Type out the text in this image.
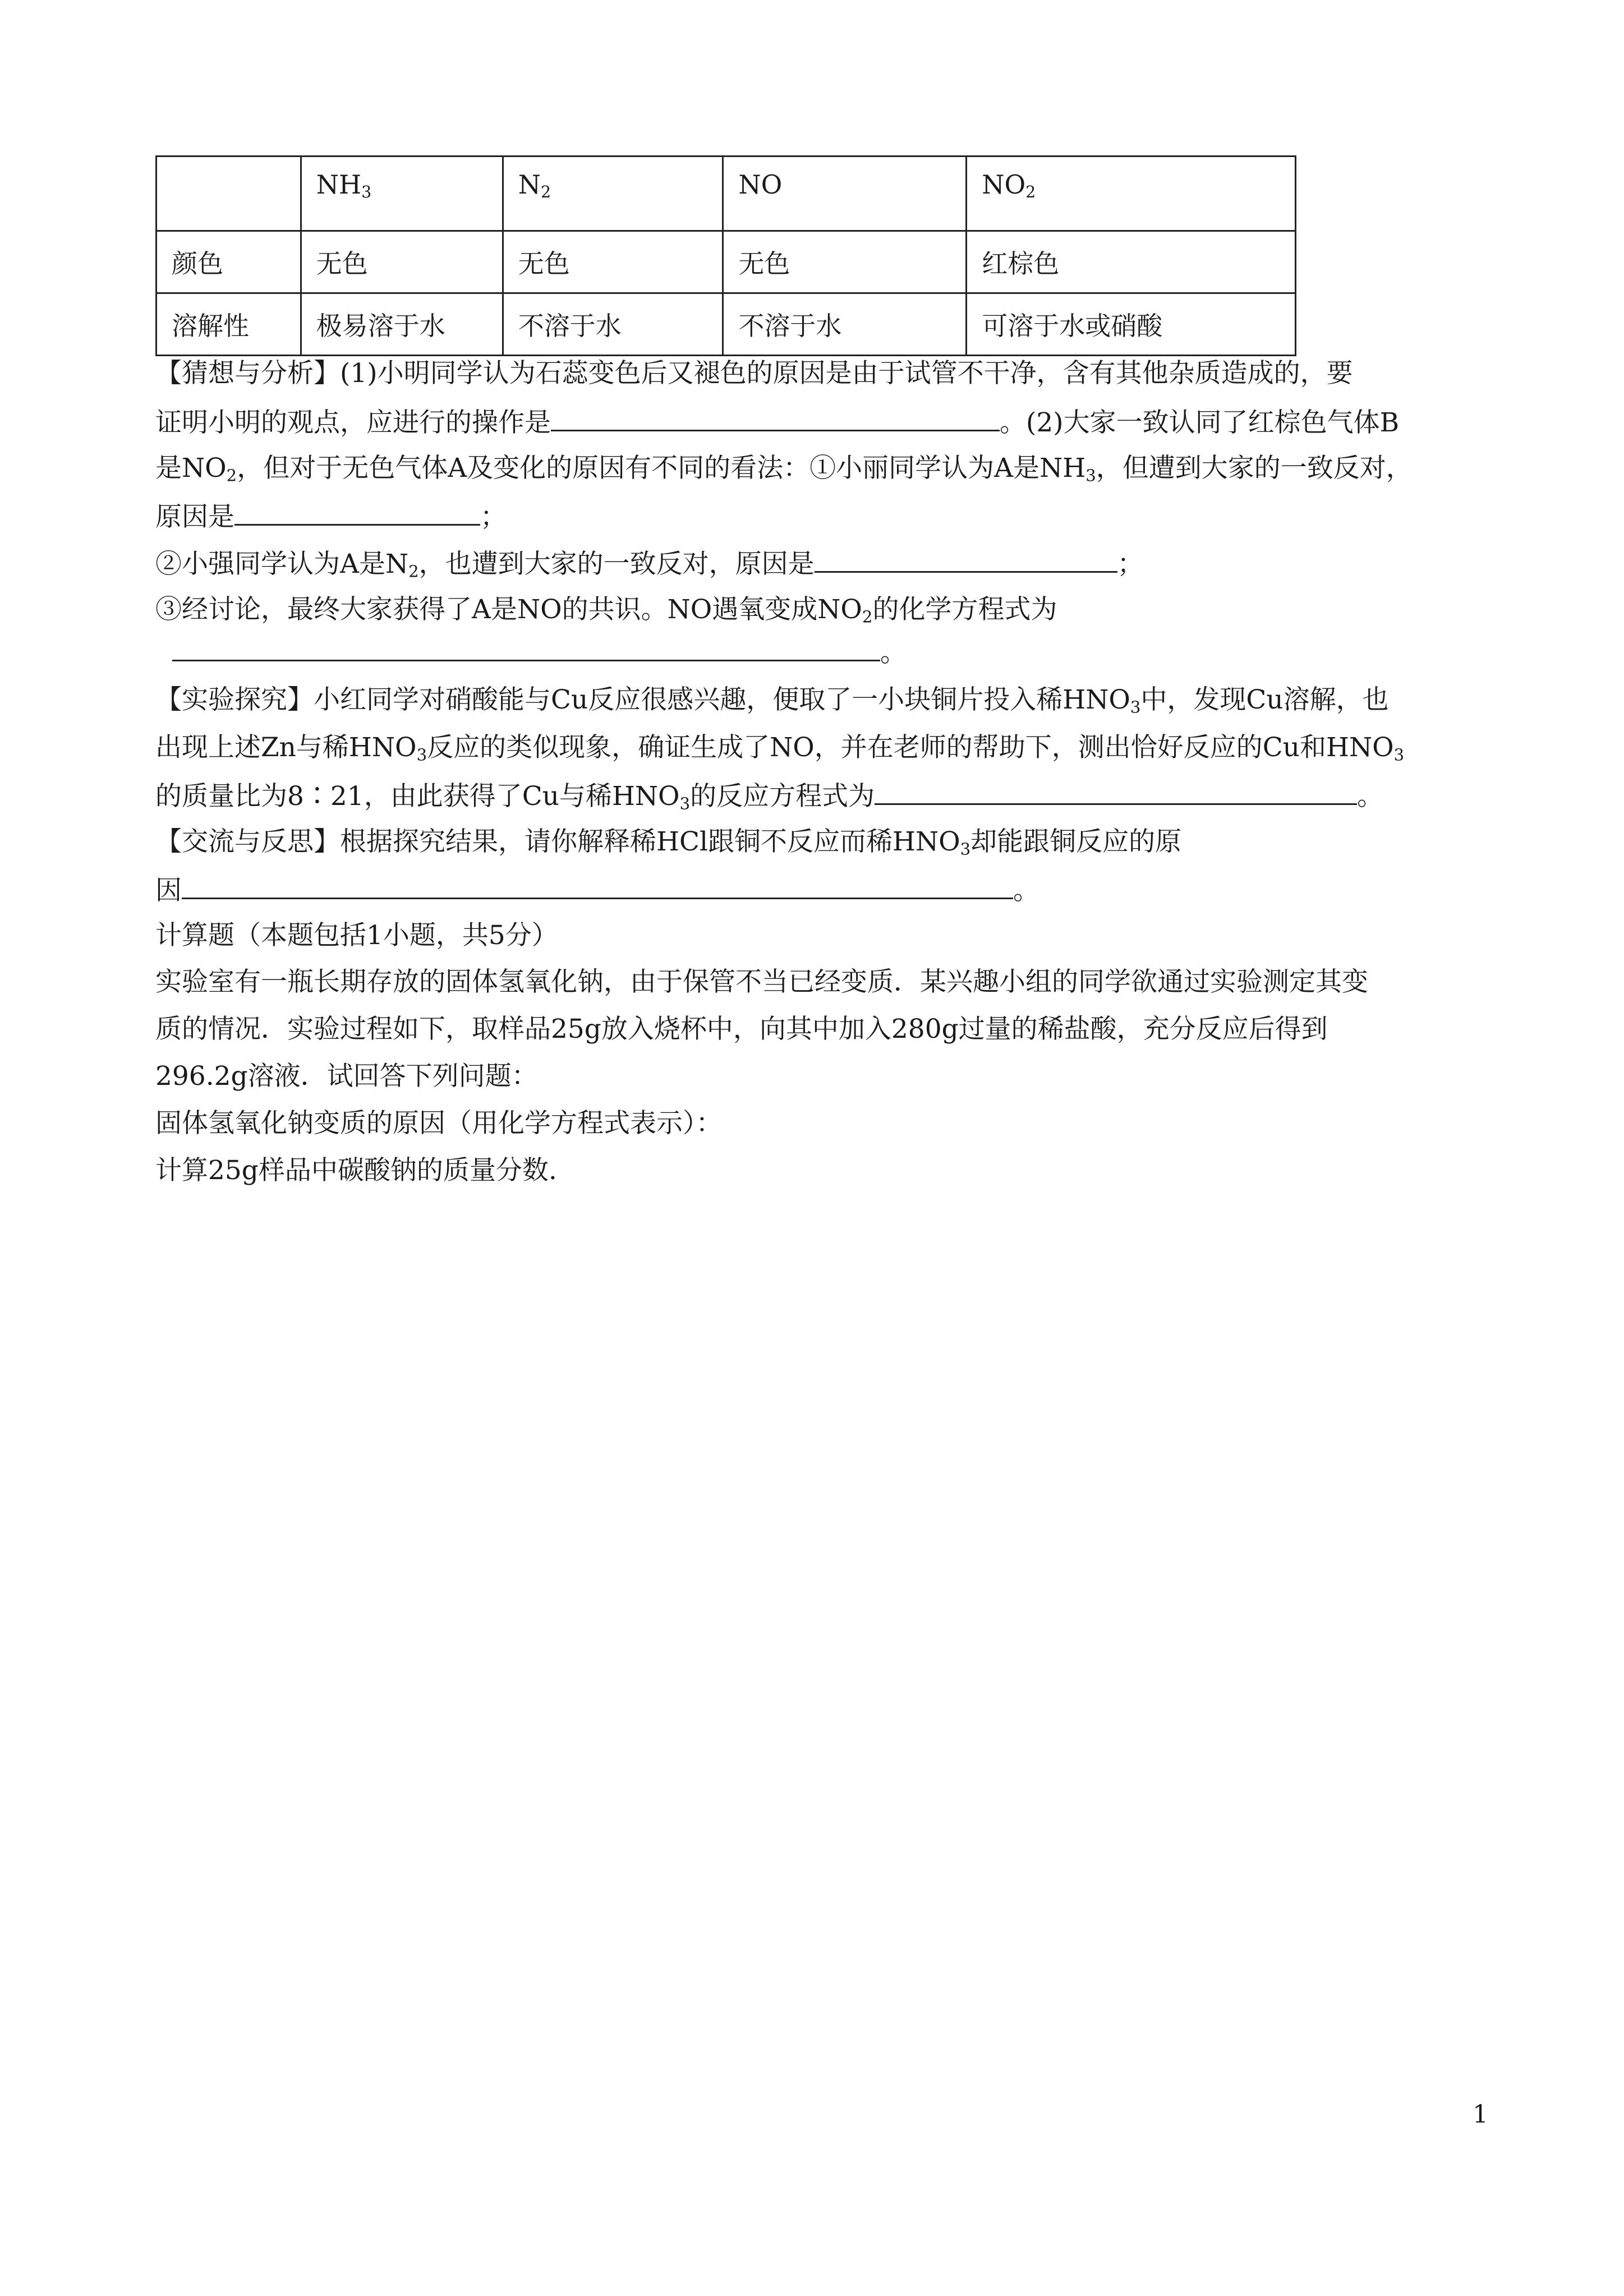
	$NH_3$	$N_2$	NO	$NO_2$
颜色	无色	无色	无色	红棕色
溶解性	极易溶于水	不溶于水	不溶于水	可溶于水或硝酸
【猜想与分析】(1)小明同学认为石蕊变色后又褪色的原因是由于试管不干净，含有其他杂质造成的，要
证明小明的观点，应进行的操作是	。(2)大家一致认同了红棕色气体B
是$NO_2$，但对于无色气体A及变化的原因有不同的看法：①小丽同学认为A是$NH_3$，但遭到大家的一致反对，
原因是	；
②小强同学认为A是$N_2$，也遭到大家的一致反对，原因是	；
③经讨论，最终大家获得了A是NO的共识。NO遇氧变成$NO_2$的化学方程式为
。
【实验探究】小红同学对硝酸能与Cu反应很感兴趣，便取了一小块铜片投入稀$HNO_3$中，发现Cu溶解，也
出现上述Zn与稀$HNO_3$反应的类似现象，确证生成了NO，并在老师的帮助下，测出恰好反应的Cu和$HNO_3$
的质量比为8∶21，由此获得了Cu与稀$HNO_3$的反应方程式为	。
【交流与反思】根据探究结果，请你解释稀HCl跟铜不反应而稀$HNO_3$却能跟铜反应的原
因	。
计算题（本题包括1小题，共5分）
实验室有一瓶长期存放的固体氢氧化钠，由于保管不当已经变质．某兴趣小组的同学欲通过实验测定其变
质的情况．实验过程如下，取样品25g放入烧杯中，向其中加入280g过量的稀盐酸，充分反应后得到
296.2g溶液．试回答下列问题：
固体氢氧化钠变质的原因（用化学方程式表示）：
计算25g样品中碳酸钠的质量分数.
1
